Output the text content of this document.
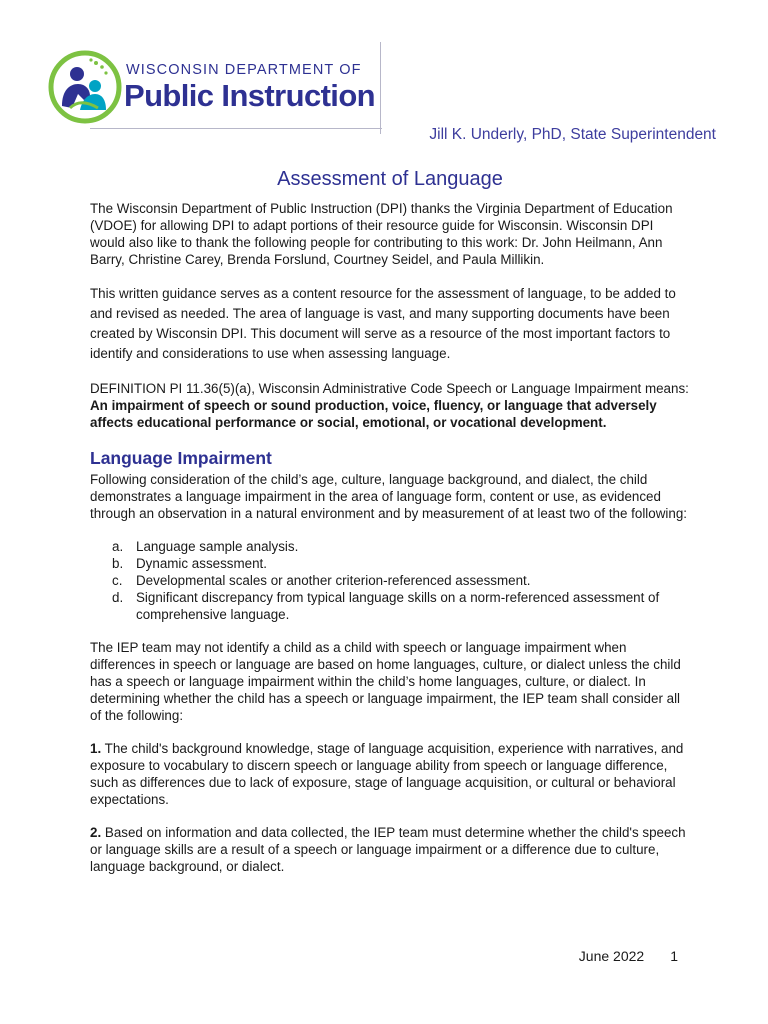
WISCONSIN DEPARTMENT OF
Public Instruction
Jill K. Underly, PhD, State Superintendent
Assessment of Language

The Wisconsin Department of Public Instruction (DPI) thanks the Virginia Department of Education (VDOE) for allowing DPI to adapt portions of their resource guide for Wisconsin. Wisconsin DPI would also like to thank the following people for contributing to this work: Dr. John Heilmann, Ann Barry, Christine Carey, Brenda Forslund, Courtney Seidel, and Paula Millikin.

This written guidance serves as a content resource for the assessment of language, to be added to and revised as needed. The area of language is vast, and many supporting documents have been created by Wisconsin DPI. This document will serve as a resource of the most important factors to identify and considerations to use when assessing language.

DEFINITION PI 11.36(5)(a), Wisconsin Administrative Code Speech or Language Impairment means: An impairment of speech or sound production, voice, fluency, or language that adversely affects educational performance or social, emotional, or vocational development.

Language Impairment

Following consideration of the child’s age, culture, language background, and dialect, the child demonstrates a language impairment in the area of language form, content or use, as evidenced through an observation in a natural environment and by measurement of at least two of the following:

a. Language sample analysis.
b. Dynamic assessment.
c.	Developmental scales or another criterion-referenced assessment.
d. Significant discrepancy from typical language skills on a norm-referenced assessment of comprehensive language.

The IEP team may not identify a child as a child with speech or language impairment when differences in speech or language are based on home languages, culture, or dialect unless the child has a speech or language impairment within the child’s home languages, culture, or dialect. In determining whether the child has a speech or language impairment, the IEP team shall consider all of the following:

1. The child's background knowledge, stage of language acquisition, experience with narratives, and exposure to vocabulary to discern speech or language ability from speech or language difference, such as differences due to lack of exposure, stage of language acquisition, or cultural or behavioral expectations.

2. Based on information and data collected, the IEP team must determine whether the child's speech or language skills are a result of a speech or language impairment or a difference due to culture, language background, or dialect.

June 2022 1
